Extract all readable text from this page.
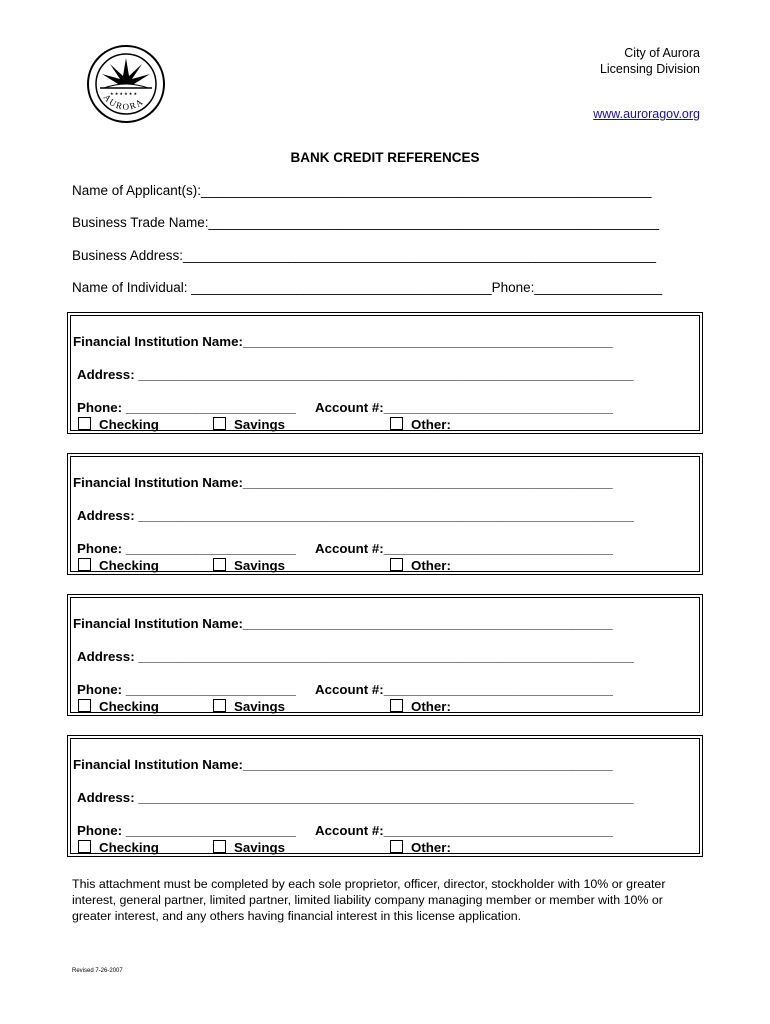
★ ★ ★ ★ ★ ★
AURORA
City of Aurora
Licensing Division
www.auroragov.org
BANK CREDIT REFERENCES
Name of Applicant(s):____________________________________________________________
Business Trade Name:____________________________________________________________
Business Address:_______________________________________________________________
Name of Individual: ________________________________________Phone:_________________
Financial Institution Name:__________________________________________________
Address: ___________________________________________________________________
Phone: _______________________ Account #:_______________________________
Checking	Savings	Other:________________________
Financial Institution Name:__________________________________________________
Address: ___________________________________________________________________
Phone: _______________________ Account #:_______________________________
Checking	Savings	Other:________________________
Financial Institution Name:__________________________________________________
Address: ___________________________________________________________________
Phone: _______________________ Account #:_______________________________
Checking	Savings	Other:________________________
Financial Institution Name:__________________________________________________
Address: ___________________________________________________________________
Phone: _______________________ Account #:_______________________________
Checking	Savings	Other:________________________
This attachment must be completed by each sole proprietor, officer, director, stockholder with 10% or greater interest, general partner, limited partner, limited liability company managing member or member with 10% or greater interest, and any others having financial interest in this license application.
Revised 7-26-2007
